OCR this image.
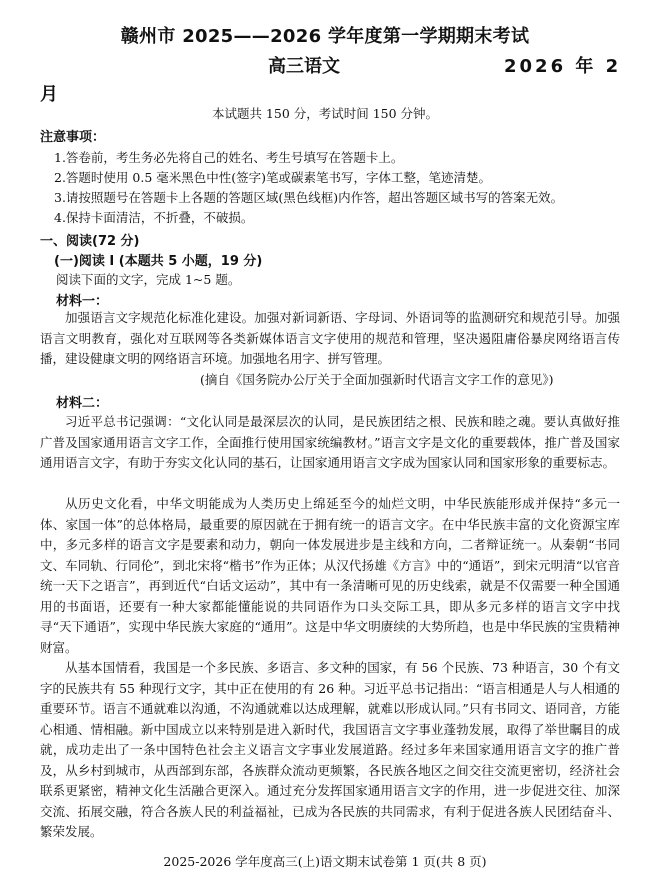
赣州市 2025——2026 学年度第一学期期末考试
高三语文	2026 年 2
月
本试题共 150 分，考试时间 150 分钟。
注意事项：
1.答卷前，考生务必先将自己的姓名、考生号填写在答题卡上。
2.答题时使用 0.5 毫米黑色中性(签字)笔或碳素笔书写，字体工整，笔迹清楚。
3.请按照题号在答题卡上各题的答题区域(黑色线框)内作答，超出答题区域书写的答案无效。
4.保持卡面清洁，不折叠，不破损。
一、阅读(72 分)
(一)阅读 I (本题共 5 小题，19 分)
阅读下面的文字，完成 1~5 题。
材料一：
加强语言文字规范化标准化建设。加强对新词新语、字母词、外语词等的监测研究和规范引导。加强语言文明教育，强化对互联网等各类新媒体语言文字使用的规范和管理，坚决遏阻庸俗暴戾网络语言传播，建设健康文明的网络语言环境。加强地名用字、拼写管理。
(摘自《国务院办公厅关于全面加强新时代语言文字工作的意见》)
材料二：
习近平总书记强调：“文化认同是最深层次的认同，是民族团结之根、民族和睦之魂。要认真做好推广普及国家通用语言文字工作，全面推行使用国家统编教材。”语言文字是文化的重要载体，推广普及国家通用语言文字，有助于夯实文化认同的基石，让国家通用语言文字成为国家认同和国家形象的重要标志。
从历史文化看，中华文明能成为人类历史上绵延至今的灿烂文明，中华民族能形成并保持“多元一体、家国一体”的总体格局，最重要的原因就在于拥有统一的语言文字。在中华民族丰富的文化资源宝库中，多元多样的语言文字是要素和动力，朝向一体发展进步是主线和方向，二者辩证统一。从秦朝“书同文、车同轨、行同伦”，到北宋将“楷书”作为正体；从汉代扬雄《方言》中的“通语”，到宋元明清“以官音统一天下之语言”，再到近代“白话文运动”，其中有一条清晰可见的历史线索，就是不仅需要一种全国通用的书面语，还要有一种大家都能懂能说的共同语作为口头交际工具，即从多元多样的语言文字中找寻“天下通语”，实现中华民族大家庭的“通用”。这是中华文明赓续的大势所趋，也是中华民族的宝贵精神财富。
从基本国情看，我国是一个多民族、多语言、多文种的国家，有 56 个民族、73 种语言，30 个有文字的民族共有 55 种现行文字，其中正在使用的有 26 种。习近平总书记指出：“语言相通是人与人相通的重要环节。语言不通就难以沟通，不沟通就难以达成理解，就难以形成认同。”只有书同文、语同音，方能心相通、情相融。新中国成立以来特别是进入新时代，我国语言文字事业蓬勃发展，取得了举世瞩目的成就，成功走出了一条中国特色社会主义语言文字事业发展道路。经过多年来国家通用语言文字的推广普及，从乡村到城市，从西部到东部，各族群众流动更频繁，各民族各地区之间交往交流更密切，经济社会联系更紧密，精神文化生活融合更深入。通过充分发挥国家通用语言文字的作用，进一步促进交往、加深交流、拓展交融，符合各族人民的利益福祉，已成为各民族的共同需求，有利于促进各族人民团结奋斗、繁荣发展。
2025-2026 学年度高三(上)语文期末试卷第 1 页(共 8 页)
